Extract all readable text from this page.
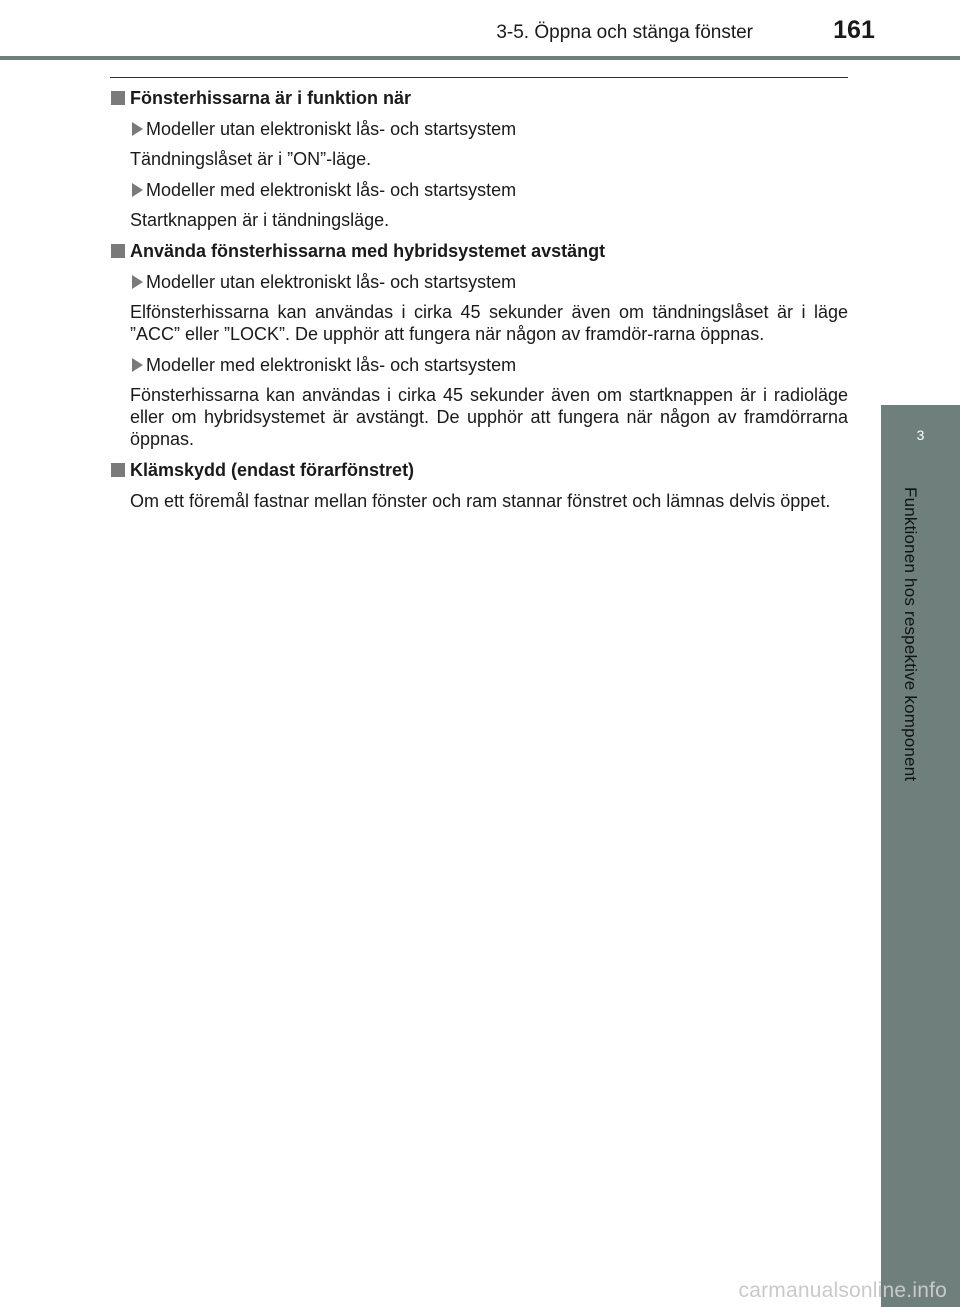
3-5. Öppna och stänga fönster	161
3
Funktionen hos respektive komponent
Fönsterhissarna är i funktion när
Modeller utan elektroniskt lås- och startsystem
Tändningslåset är i ”ON”-läge.
Modeller med elektroniskt lås- och startsystem
Startknappen är i tändningsläge.
Använda fönsterhissarna med hybridsystemet avstängt
Modeller utan elektroniskt lås- och startsystem
Elfönsterhissarna kan användas i cirka 45 sekunder även om tändningslåset är i läge ”ACC” eller ”LOCK”. De upphör att fungera när någon av framdör-rarna öppnas.
Modeller med elektroniskt lås- och startsystem
Fönsterhissarna kan användas i cirka 45 sekunder även om startknappen är i radioläge eller om hybridsystemet är avstängt. De upphör att fungera när någon av framdörrarna öppnas.
Klämskydd (endast förarfönstret)
Om ett föremål fastnar mellan fönster och ram stannar fönstret och lämnas delvis öppet.
carmanualsonline.info
